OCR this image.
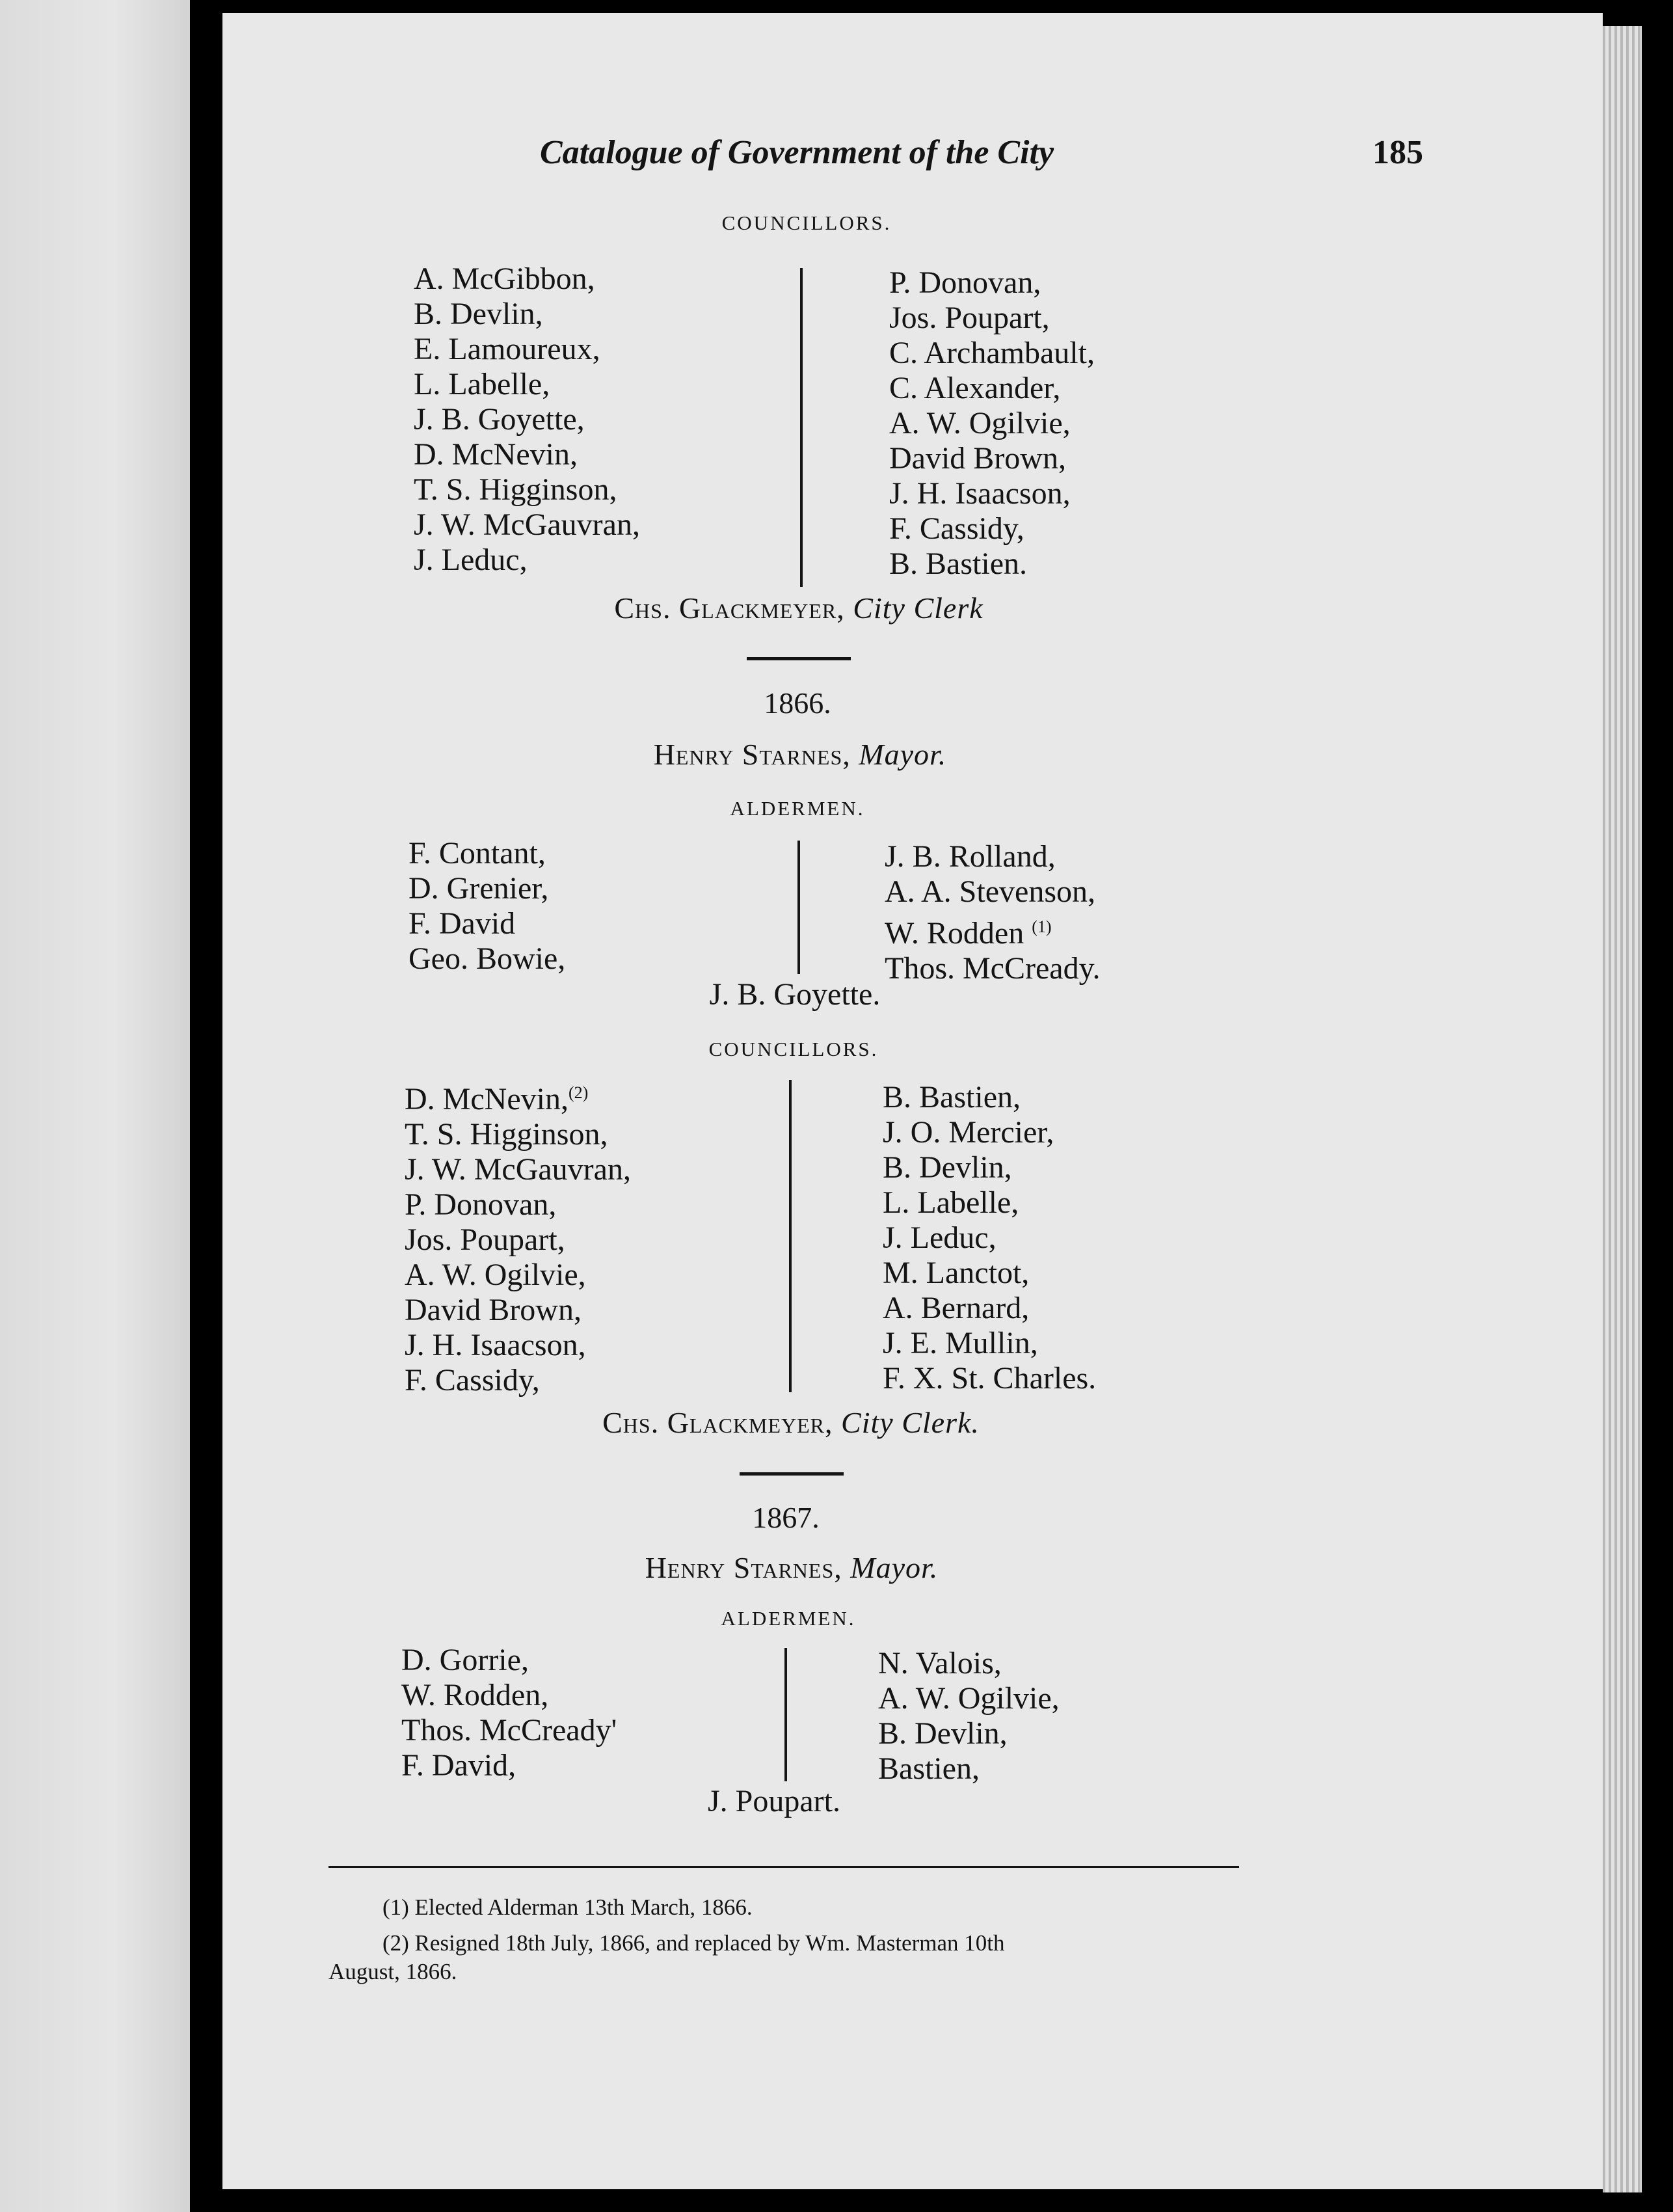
Catalogue of Government of the City	185
COUNCILLORS.
A. McGibbon,
B. Devlin,
E. Lamoureux,
L. Labelle,
J. B. Goyette,
D. McNevin,
T. S. Higginson,
J. W. McGauvran,
J. Leduc,
P. Donovan,
Jos. Poupart,
C. Archambault,
C. Alexander,
A. W. Ogilvie,
David Brown,
J. H. Isaacson,
F. Cassidy,
B. Bastien.
Chs. Glackmeyer, City Clerk
1866.
Henry Starnes, Mayor.
ALDERMEN.
F. Contant,
D. Grenier,
F. David
Geo. Bowie,
J. B. Rolland,
A. A. Stevenson,
W. Rodden $^{(1)}$
Thos. McCready.
J. B. Goyette.
COUNCILLORS.
D. McNevin,$^{(2)}$
T. S. Higginson,
J. W. McGauvran,
P. Donovan,
Jos. Poupart,
A. W. Ogilvie,
David Brown,
J. H. Isaacson,
F. Cassidy,
B. Bastien,
J. O. Mercier,
B. Devlin,
L. Labelle,
J. Leduc,
M. Lanctot,
A. Bernard,
J. E. Mullin,
F. X. St. Charles.
Chs. Glackmeyer, City Clerk.
1867.
Henry Starnes, Mayor.
ALDERMEN.
D. Gorrie,
W. Rodden,
Thos. McCready'
F. David,
N. Valois,
A. W. Ogilvie,
B. Devlin,
Bastien,
J. Poupart.
(1) Elected Alderman 13th March, 1866.
(2) Resigned 18th July, 1866, and replaced by Wm. Masterman 10th
August, 1866.
